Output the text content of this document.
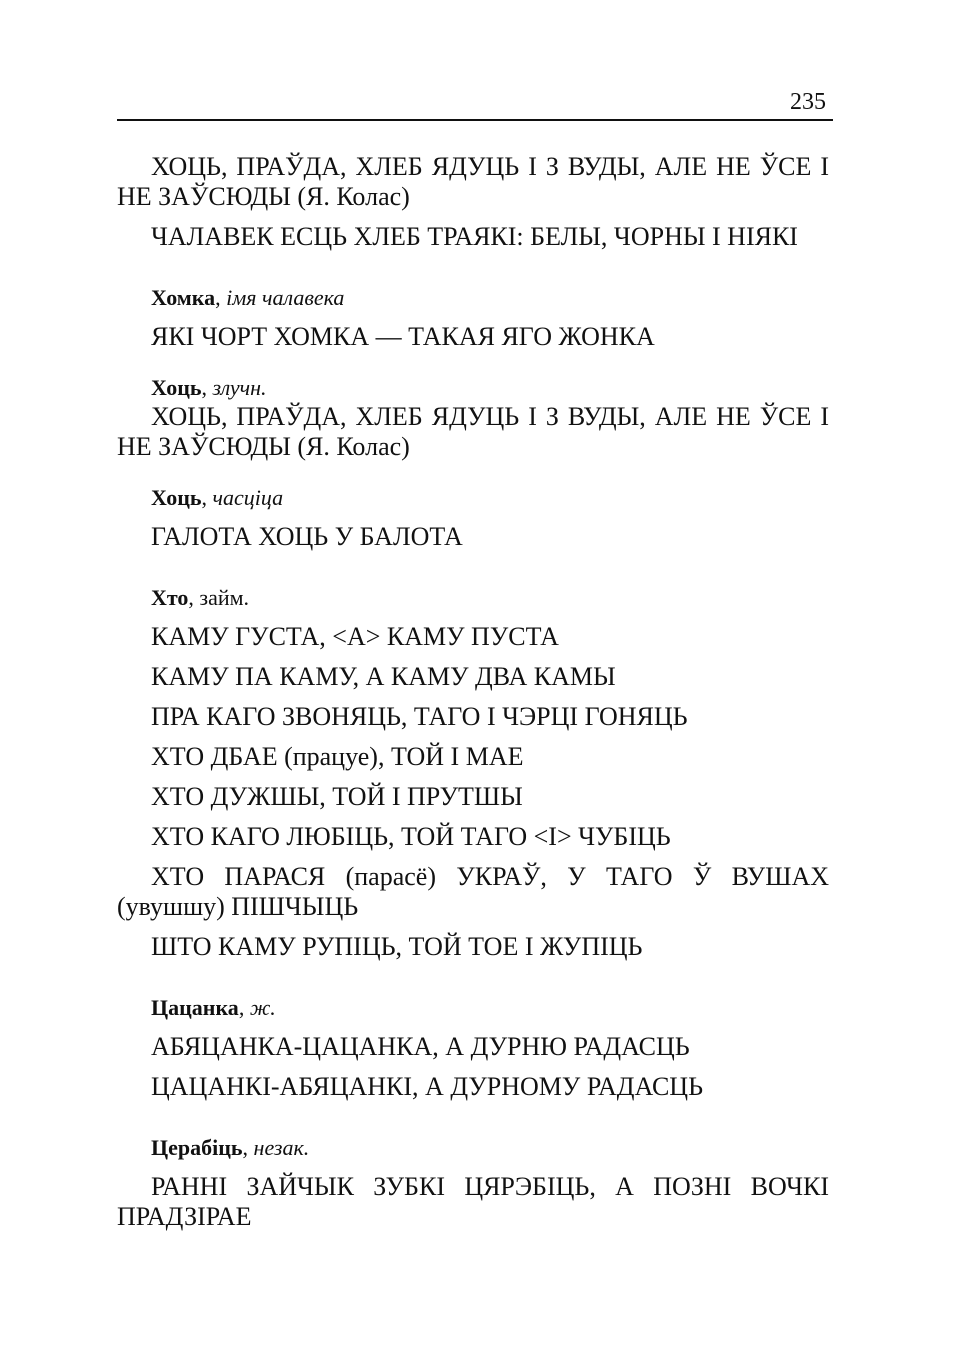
235

ХОЦЬ, ПРАЎДА, ХЛЕБ ЯДУЦЬ І З ВУДЫ, АЛЕ НЕ ЎСЕ І НЕ ЗАЎСЮДЫ (Я. Колас)

ЧАЛАВЕК ЕСЦЬ ХЛЕБ ТРАЯКІ: БЕЛЫ, ЧОРНЫ І НІЯКІ

Хомка, імя чалавека

ЯКІ ЧОРТ ХОМКА — ТАКАЯ ЯГО ЖОНКА

Хоць, злучн.

ХОЦЬ, ПРАЎДА, ХЛЕБ ЯДУЦЬ І З ВУДЫ, АЛЕ НЕ ЎСЕ І НЕ ЗАЎСЮДЫ (Я. Колас)

Хоць, часціца

ГАЛОТА ХОЦЬ У БАЛОТА

Хто, займ.

КАМУ ГУСТА, <А> КАМУ ПУСТА

КАМУ ПА КАМУ, А КАМУ ДВА КАМЫ

ПРА КАГО ЗВОНЯЦЬ, ТАГО І ЧЭРЦІ ГОНЯЦЬ

ХТО ДБАЕ (працуе), ТОЙ І МАЕ

ХТО ДУЖШЫ, ТОЙ І ПРУТШЫ

ХТО КАГО ЛЮБІЦЬ, ТОЙ ТАГО <І> ЧУБІЦЬ

ХТО ПАРАСЯ (парасё) УКРАЎ, У ТАГО Ў ВУШАХ (увушшу) ПІШЧЫЦЬ

ШТО КАМУ РУПІЦЬ, ТОЙ ТОЕ І ЖУПІЦЬ

Цацанка, ж.

АБЯЦАНКА-ЦАЦАНКА, А ДУРНЮ РАДАСЦЬ

ЦАЦАНКІ-АБЯЦАНКІ, А ДУРНОМУ РАДАСЦЬ

Церабіць, незак.

РАННІ ЗАЙЧЫК ЗУБКІ ЦЯРЭБІЦЬ, А ПОЗНІ ВОЧКІ ПРАДЗІРАЕ
